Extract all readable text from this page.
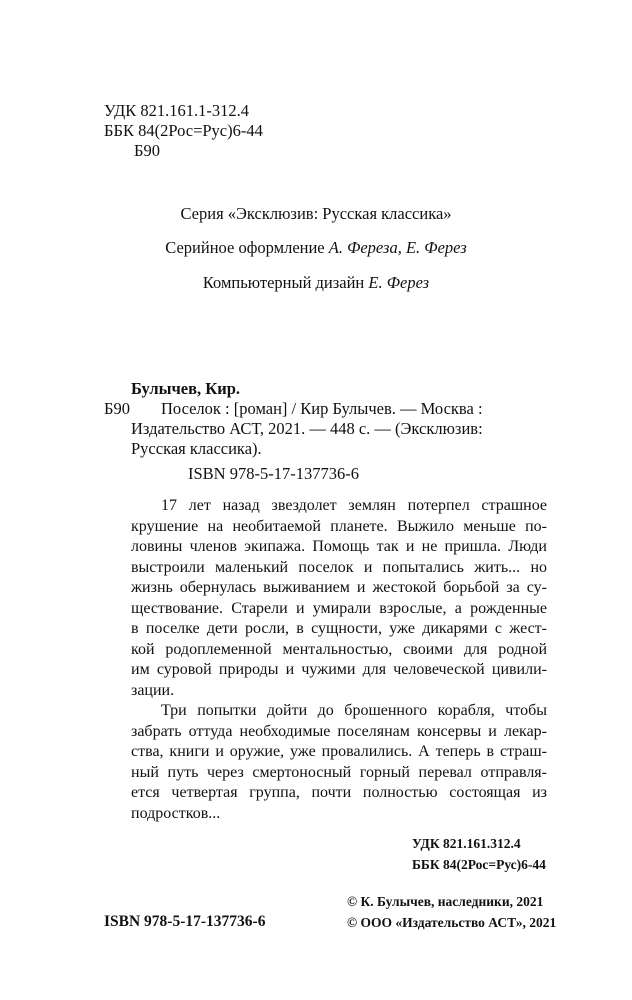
УДК 821.161.1-312.4
ББК 84(2Рос=Рус)6-44
Б90
Серия «Эксклюзив: Русская классика»
Серийное оформление А. Фереза, Е. Ферез
Компьютерный дизайн Е. Ферез
Булычев, Кир.
Б90 Поселок : [роман] / Кир Булычев. — Москва :
Издательство АСТ, 2021. — 448 с. — (Эксклюзив:
Русская классика).
ISBN 978-5-17-137736-6
17 лет назад звездолет землян потерпел страшное
крушение на необитаемой планете. Выжило меньше по-
ловины членов экипажа. Помощь так и не пришла. Люди
выстроили маленький поселок и попытались жить... но
жизнь обернулась выживанием и жестокой борьбой за су-
ществование. Старели и умирали взрослые, а рожденные
в поселке дети росли, в сущности, уже дикарями с жест-
кой родоплеменной ментальностью, своими для родной
им суровой природы и чужими для человеческой цивили-
зации.
Три попытки дойти до брошенного корабля, чтобы
забрать оттуда необходимые поселянам консервы и лекар-
ства, книги и оружие, уже провалились. А теперь в страш-
ный путь через смертоносный горный перевал отправля-
ется четвертая группа, почти полностью состоящая из
подростков...
УДК 821.161.312.4
ББК 84(2Рос=Рус)6-44
ISBN 978-5-17-137736-6
© К. Булычев, наследники, 2021
© ООО «Издательство АСТ», 2021
